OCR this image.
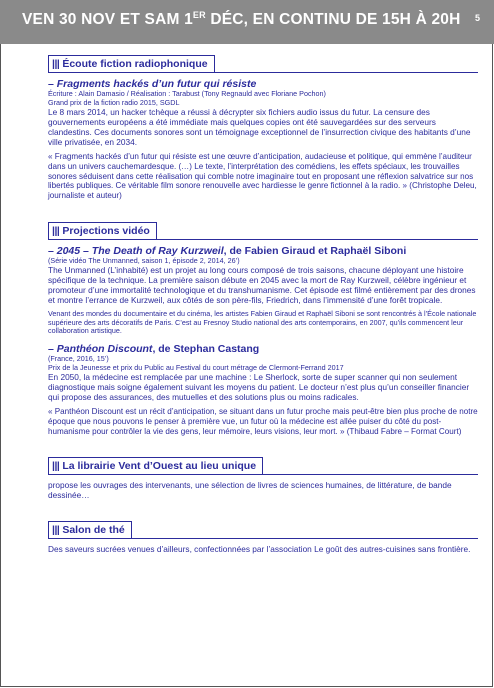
VEN 30 NOV ET SAM 1ER DÉC, EN CONTINU DE 15H À 20H 5
||| Écoute fiction radiophonique
– Fragments hackés d’un futur qui résiste

Écriture : Alain Damasio / Réalisation : Tarabust (Tony Regnauld avec Floriane Pochon)

Grand prix de la fiction radio 2015, SGDL

Le 8 mars 2014, un hacker tchèque a réussi à décrypter six fichiers audio issus du futur. La censure des gouvernements européens a été immédiate mais quelques copies ont été sauvegardées sur des serveurs clandestins. Ces documents sonores sont un témoignage exceptionnel de l’insurrection civique des habitants d’une ville privatisée, en 2034.

« Fragments hackés d’un futur qui résiste est une œuvre d’anticipation, audacieuse et politique, qui emmène l’auditeur dans un univers cauchemardesque. (…) Le texte, l’interprétation des comédiens, les effets spéciaux, les trouvailles sonores séduisent dans cette réalisation qui comble notre imaginaire tout en proposant une réflexion salvatrice sur nos libertés publiques. Ce véritable film sonore renouvelle avec hardiesse le genre fictionnel à la radio. » (Christophe Deleu, journaliste et auteur)

||| Projections vidéo
– 2045 – The Death of Ray Kurzweil, de Fabien Giraud et Raphaël Siboni

(Série vidéo The Unmanned, saison 1, épisode 2, 2014, 26’)

The Unmanned (L’inhabité) est un projet au long cours composé de trois saisons, chacune déployant une histoire spécifique de la technique. La première saison débute en 2045 avec la mort de Ray Kurzweil, célèbre ingénieur et promoteur d’une immortalité technologique et du transhumanisme. Cet épisode est filmé entièrement par des drones et montre l’errance de Kurzweil, aux côtés de son père-fils, Friedrich, dans l’immensité d’une forêt tropicale.

Venant des mondes du documentaire et du cinéma, les artistes Fabien Giraud et Raphaël Siboni se sont rencontrés à l’École nationale supérieure des arts décoratifs de Paris. C’est au Fresnoy Studio national des arts contemporains, en 2007, qu’ils commencent leur collaboration artistique.

– Panthéon Discount, de Stephan Castang

(France, 2016, 15’)

Prix de la Jeunesse et prix du Public au Festival du court métrage de Clermont-Ferrand 2017

En 2050, la médecine est remplacée par une machine : Le Sherlock, sorte de super scanner qui non seulement diagnostique mais soigne également suivant les moyens du patient. Le docteur n’est plus qu’un conseiller financier qui propose des assurances, des mutuelles et des solutions plus ou moins radicales.

« Panthéon Discount est un récit d’anticipation, se situant dans un futur proche mais peut-être bien plus proche de notre époque que nous pouvons le penser à première vue, un futur où la médecine est allée puiser du côté du post-humanisme pour contrôler la vie des gens, leur mémoire, leurs visions, leur mort. » (Thibaud Fabre – Format Court)

||| La librairie Vent d’Ouest au lieu unique

propose les ouvrages des intervenants, une sélection de livres de sciences humaines, de littérature, de bande dessinée…

||| Salon de thé

Des saveurs sucrées venues d’ailleurs, confectionnées par l’association Le goût des autres-cuisines sans frontière.
